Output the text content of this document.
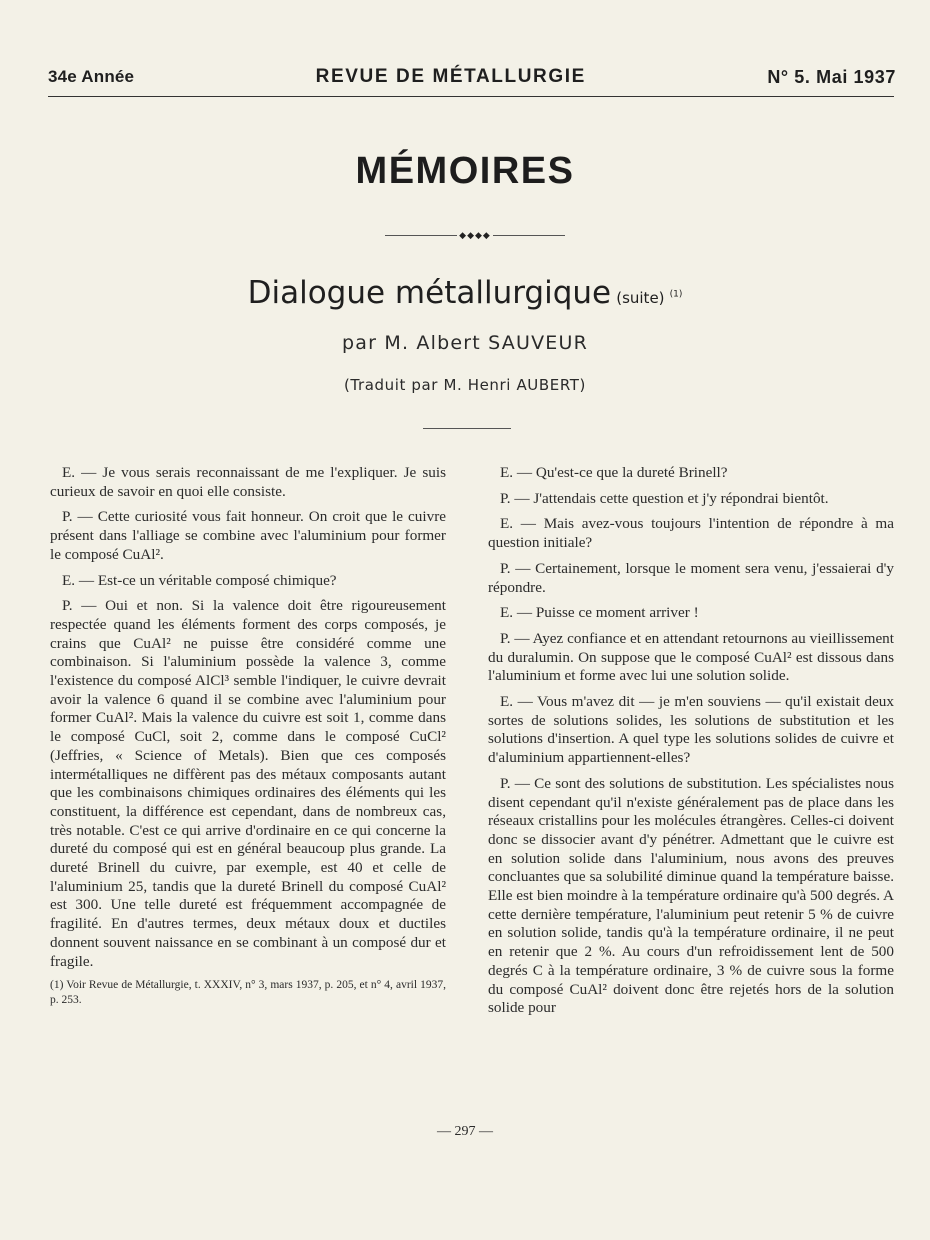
34e Année	REVUE DE MÉTALLURGIE	N° 5. Mai 1937
MÉMOIRES
◆◆◆◆
Dialogue métallurgique (suite) $^{(1)}$
par M. Albert SAUVEUR
(Traduit par M. Henri AUBERT)

E. — Je vous serais reconnaissant de me l'expliquer. Je suis curieux de savoir en quoi elle consiste.

P. — Cette curiosité vous fait honneur. On croit que le cuivre présent dans l'alliage se combine avec l'aluminium pour former le composé CuAl².

E. — Est-ce un véritable composé chimique?

P. — Oui et non. Si la valence doit être rigoureusement respectée quand les éléments forment des corps composés, je crains que CuAl² ne puisse être considéré comme une combinaison. Si l'aluminium possède la valence 3, comme l'existence du composé AlCl³ semble l'indiquer, le cuivre devrait avoir la valence 6 quand il se combine avec l'aluminium pour former CuAl². Mais la valence du cuivre est soit 1, comme dans le composé CuCl, soit 2, comme dans le composé CuCl² (Jeffries, « Science of Metals). Bien que ces composés intermétalliques ne diffèrent pas des métaux composants autant que les combinaisons chimiques ordinaires des éléments qui les constituent, la différence est cependant, dans de nombreux cas, très notable. C'est ce qui arrive d'ordinaire en ce qui concerne la dureté du composé qui est en général beaucoup plus grande. La dureté Brinell du cuivre, par exemple, est 40 et celle de l'aluminium 25, tandis que la dureté Brinell du composé CuAl² est 300. Une telle dureté est fréquemment accompagnée de fragilité. En d'autres termes, deux métaux doux et ductiles donnent souvent naissance en se combinant à un composé dur et fragile.

(1) Voir Revue de Métallurgie, t. XXXIV, n° 3, mars 1937, p. 205, et n° 4, avril 1937, p. 253.

E. — Qu'est-ce que la dureté Brinell?

P. — J'attendais cette question et j'y répondrai bientôt.

E. — Mais avez-vous toujours l'intention de répondre à ma question initiale?

P. — Certainement, lorsque le moment sera venu, j'essaierai d'y répondre.

E. — Puisse ce moment arriver !

P. — Ayez confiance et en attendant retournons au vieillissement du duralumin. On suppose que le composé CuAl² est dissous dans l'aluminium et forme avec lui une solution solide.

E. — Vous m'avez dit — je m'en souviens — qu'il existait deux sortes de solutions solides, les solutions de substitution et les solutions d'insertion. A quel type les solutions solides de cuivre et d'aluminium appartiennent-elles?

P. — Ce sont des solutions de substitution. Les spécialistes nous disent cependant qu'il n'existe généralement pas de place dans les réseaux cristallins pour les molécules étrangères. Celles-ci doivent donc se dissocier avant d'y pénétrer. Admettant que le cuivre est en solution solide dans l'aluminium, nous avons des preuves concluantes que sa solubilité diminue quand la température baisse. Elle est bien moindre à la température ordinaire qu'à 500 degrés. A cette dernière température, l'aluminium peut retenir 5 % de cuivre en solution solide, tandis qu'à la température ordinaire, il ne peut en retenir que 2 %. Au cours d'un refroidissement lent de 500 degrés C à la température ordinaire, 3 % de cuivre sous la forme du composé CuAl² doivent donc être rejetés hors de la solution solide pour

— 297 —
